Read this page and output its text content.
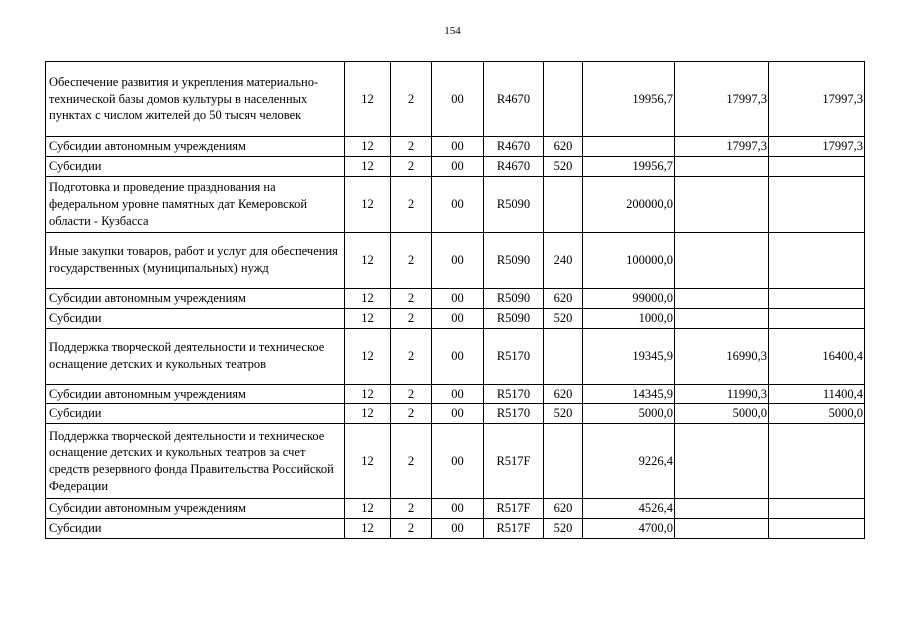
154
Обеспечение развития и укрепления материально-технической базы домов культуры в населенных пунктах с числом жителей до 50 тысяч человек	12	2	00	R4670		19956,7	17997,3	17997,3
Субсидии автономным учреждениям	12	2	00	R4670	620		17997,3	17997,3
Субсидии	12	2	00	R4670	520	19956,7		
Подготовка и проведение празднования на федеральном уровне памятных дат Кемеровской области - Кузбасса	12	2	00	R5090		200000,0		
Иные закупки товаров, работ и услуг для обеспечения государственных (муниципальных) нужд	12	2	00	R5090	240	100000,0		
Субсидии автономным учреждениям	12	2	00	R5090	620	99000,0		
Субсидии	12	2	00	R5090	520	1000,0		
Поддержка творческой деятельности и техническое оснащение детских и кукольных театров	12	2	00	R5170		19345,9	16990,3	16400,4
Субсидии автономным учреждениям	12	2	00	R5170	620	14345,9	11990,3	11400,4
Субсидии	12	2	00	R5170	520	5000,0	5000,0	5000,0
Поддержка творческой деятельности и техническое оснащение детских и кукольных театров за счет средств резервного фонда Правительства Российской Федерации	12	2	00	R517F		9226,4		
Субсидии автономным учреждениям	12	2	00	R517F	620	4526,4		
Субсидии	12	2	00	R517F	520	4700,0		
